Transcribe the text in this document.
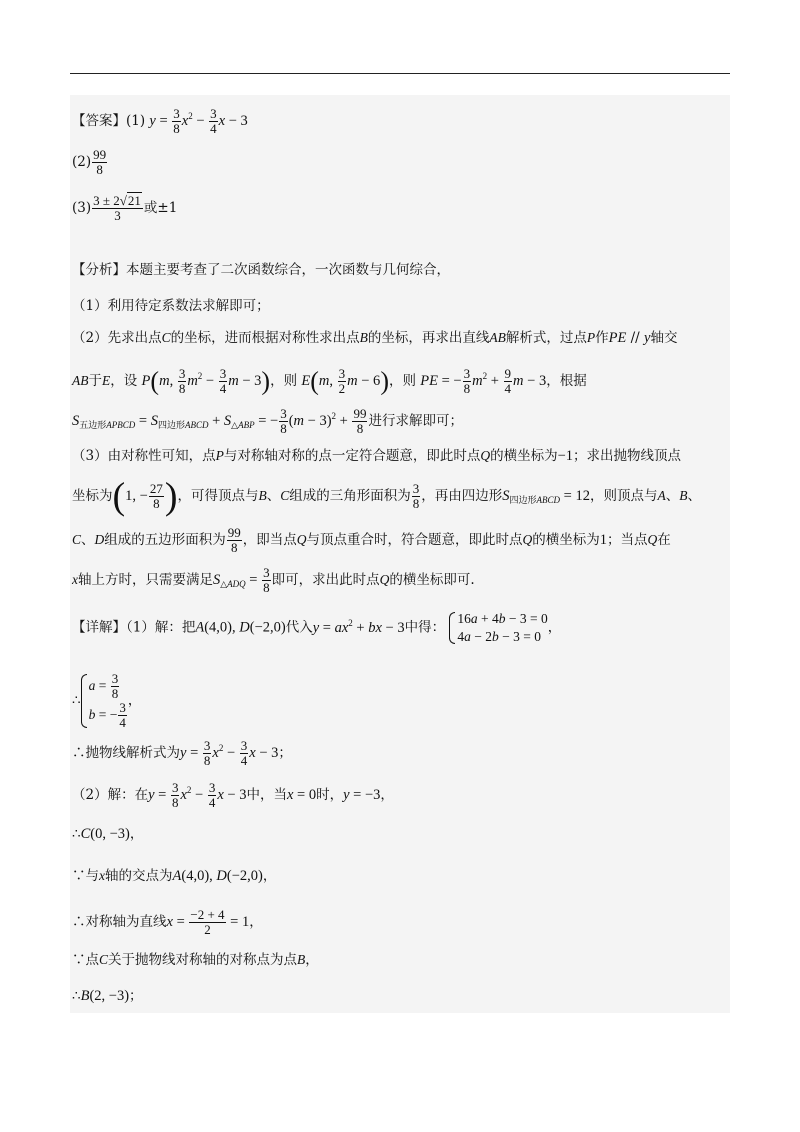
【答案】(1) $y = \frac{3}{8} x^2 - \frac{3}{4}$ x − 3
$(2) \frac{99}{8}$
$(3) \frac{3 \pm 2√21}{3}$ 或±1
【分析】本题主要考查了二次函数综合，一次函数与几何综合，
（1）利用待定系数法求解即可；
（2）先求出点C的坐标，进而根据对称性求出点B的坐标，再求出直线AB解析式，过点P作PE // y轴交
AB于E，设 P(m, $\frac{3}{8} m^2 - \frac{3}{4}$ m − 3)，则 E(m, $\frac{3}{2}$ m − 6)，则 PE = − $\frac{3}{8} m^2 + \frac{9}{4}$ m − 3，根据
$S_{五边形APBCD} = S_{四边形ABCD} + S_{\triangle ABP}$ = − $\frac{3}{8} (m - 3)^2 + \frac{99}{8}$ 进行求解即可；
（3）由对称性可知，点P与对称轴对称的点一定符合题意，即此时点Q的横坐标为−1；求出抛物线顶点
坐标为(1, − $\frac{27}{8}$ )，可得顶点与B、C组成的三角形面积为 $\frac{3}{8}$ ，再由四边形$S_{四边形ABCD} = 12$，则顶点与A、B、
C、D组成的五边形面积为 $\frac{99}{8}$ ，即当点Q与顶点重合时，符合题意，即此时点Q的横坐标为1；当点Q在
x轴上方时，只需要满足$S_{\triangle ADQ} = \frac{3}{8}$ 即可，求出此时点Q的横坐标即可.
【详解】（1）解：把A(4,0), D(−2,0)代入$y = ax^2$ + bx − 3中得： 16a + 4b − 3 = 0
4a − 2b − 3 = 0，
∴a = $\frac{3}{8}$

b = − $\frac{3}{4}$
，
∴抛物线解析式为$y = \frac{3}{8} x^2 - \frac{3}{4}$ x − 3；
（2）解：在$y = \frac{3}{8} x^2 - \frac{3}{4}$ x − 3中，当x = 0时，y = −3，
∴C(0, −3)，
∵与x轴的交点为A(4,0), D(−2,0)，
∴对称轴为直线$x = \frac{-2 + 4}{2} = 1$，
∵点C关于抛物线对称轴的对称点为点B，
∴B(2, −3)；
